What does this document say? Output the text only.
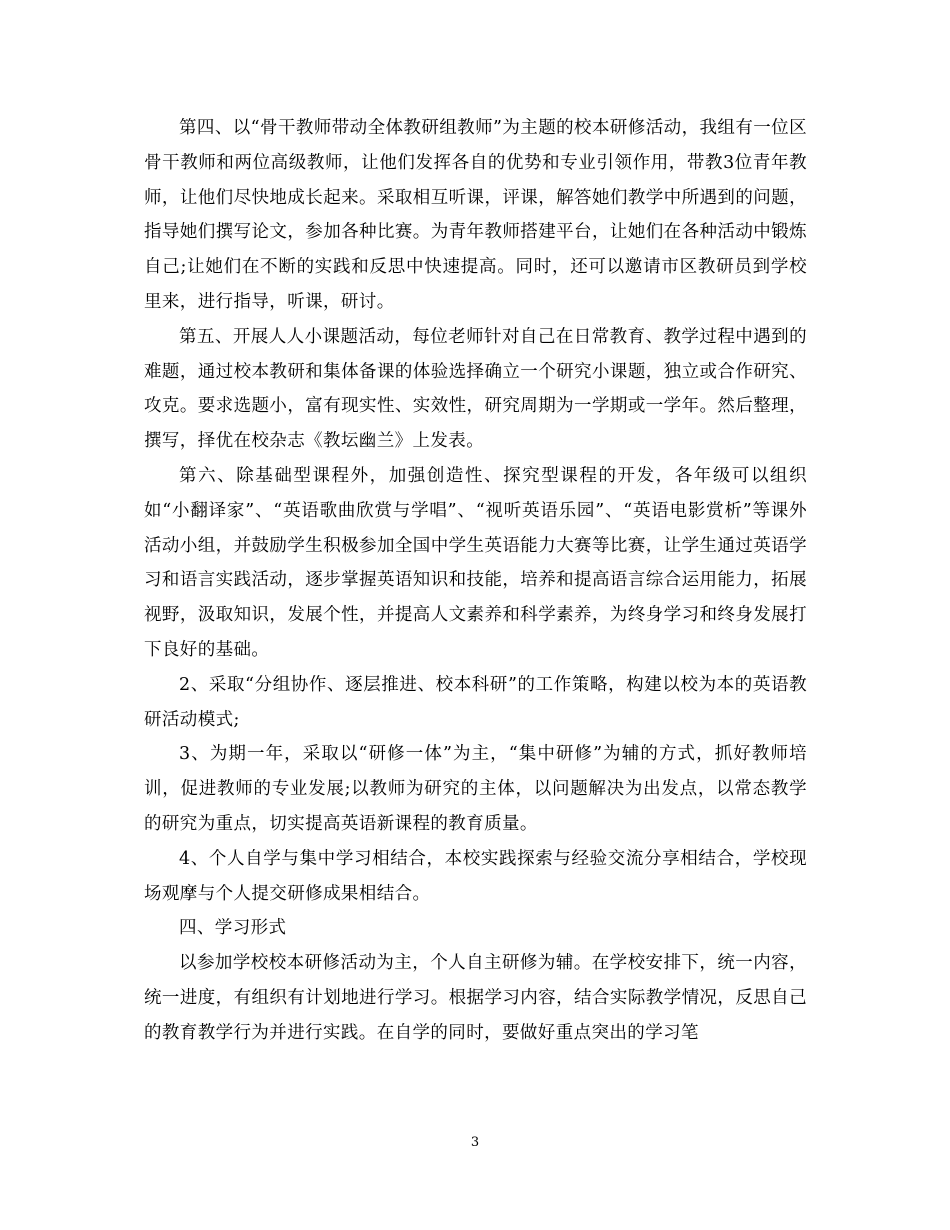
第四、以“骨干教师带动全体教研组教师”为主题的校本研修活动，我组有一位区骨干教师和两位高级教师，让他们发挥各自的优势和专业引领作用，带教3位青年教师，让他们尽快地成长起来。采取相互听课，评课，解答她们教学中所遇到的问题，指导她们撰写论文，参加各种比赛。为青年教师搭建平台，让她们在各种活动中锻炼自己;让她们在不断的实践和反思中快速提高。同时，还可以邀请市区教研员到学校里来，进行指导，听课，研讨。

第五、开展人人小课题活动，每位老师针对自己在日常教育、教学过程中遇到的难题，通过校本教研和集体备课的体验选择确立一个研究小课题，独立或合作研究、攻克。要求选题小，富有现实性、实效性，研究周期为一学期或一学年。然后整理，撰写，择优在校杂志《教坛幽兰》上发表。

第六、除基础型课程外，加强创造性、探究型课程的开发，各年级可以组织如“小翻译家”、“英语歌曲欣赏与学唱”、“视听英语乐园”、“英语电影赏析”等课外活动小组，并鼓励学生积极参加全国中学生英语能力大赛等比赛，让学生通过英语学习和语言实践活动，逐步掌握英语知识和技能，培养和提高语言综合运用能力，拓展视野，汲取知识，发展个性，并提高人文素养和科学素养，为终身学习和终身发展打下良好的基础。

2、采取“分组协作、逐层推进、校本科研”的工作策略，构建以校为本的英语教研活动模式;

3、为期一年，采取以“研修一体”为主，“集中研修”为辅的方式，抓好教师培训，促进教师的专业发展;以教师为研究的主体，以问题解决为出发点，以常态教学的研究为重点，切实提高英语新课程的教育质量。

4、个人自学与集中学习相结合，本校实践探索与经验交流分享相结合，学校现场观摩与个人提交研修成果相结合。

四、学习形式

以参加学校校本研修活动为主，个人自主研修为辅。在学校安排下，统一内容，统一进度，有组织有计划地进行学习。根据学习内容，结合实际教学情况，反思自己的教育教学行为并进行实践。在自学的同时，要做好重点突出的学习笔

3
